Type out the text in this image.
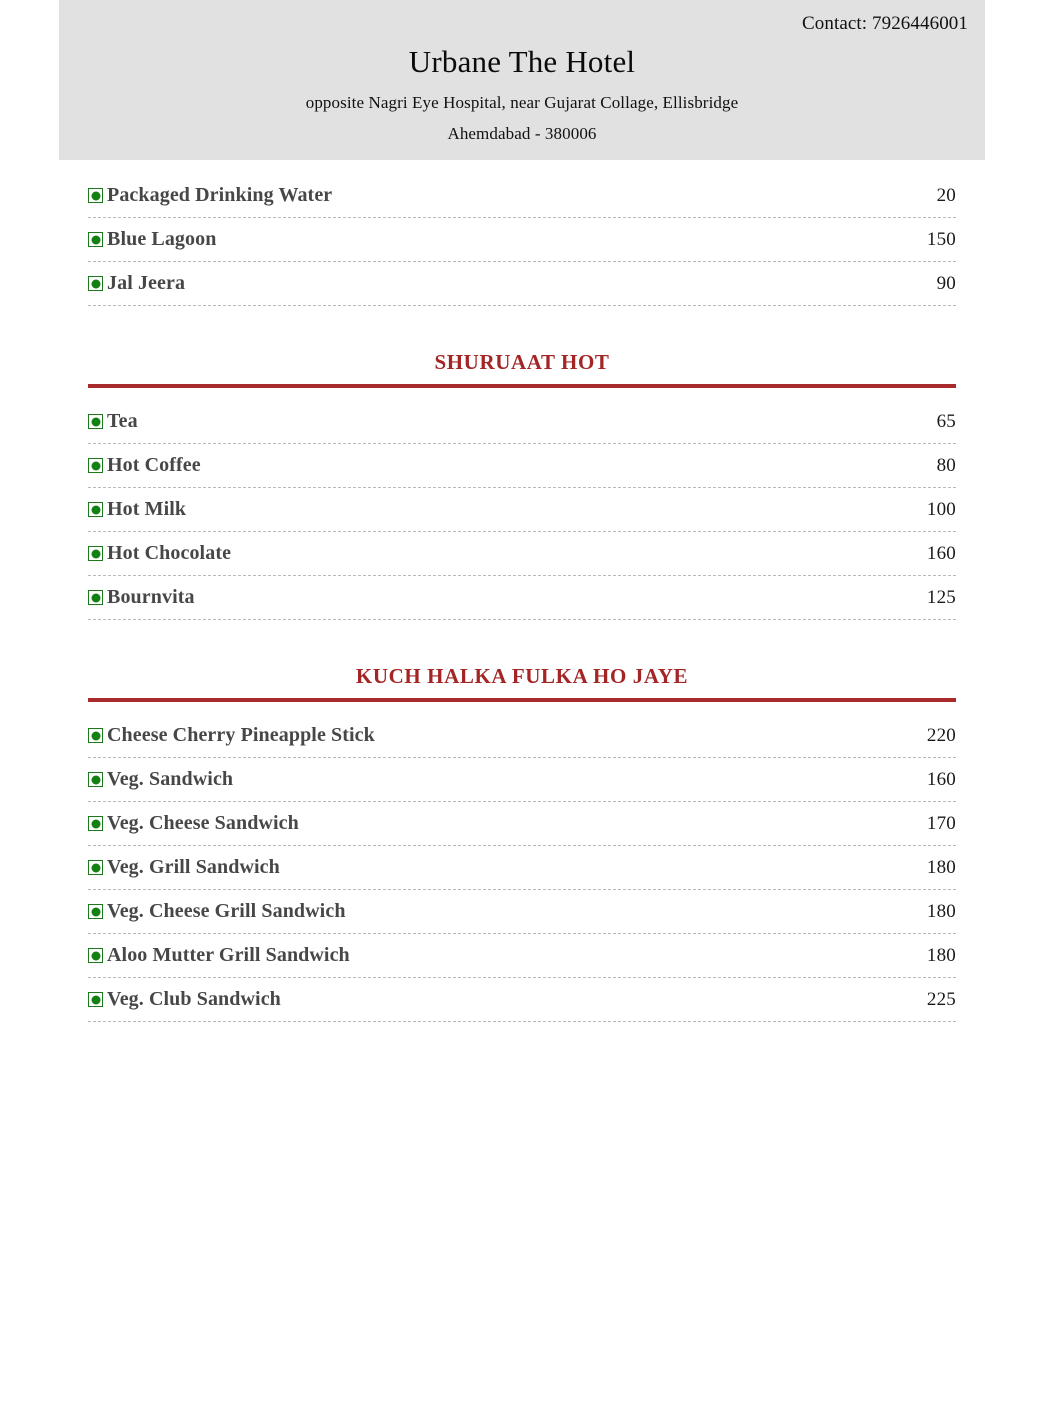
Contact: 7926446001
Urbane The Hotel
opposite Nagri Eye Hospital, near Gujarat Collage, Ellisbridge
Ahemdabad - 380006
Packaged Drinking Water	20
Blue Lagoon	150
Jal Jeera	90
SHURUAAT HOT
Tea	65
Hot Coffee	80
Hot Milk	100
Hot Chocolate	160
Bournvita	125
KUCH HALKA FULKA HO JAYE
Cheese Cherry Pineapple Stick	220
Veg. Sandwich	160
Veg. Cheese Sandwich	170
Veg. Grill Sandwich	180
Veg. Cheese Grill Sandwich	180
Aloo Mutter Grill Sandwich	180
Veg. Club Sandwich	225
